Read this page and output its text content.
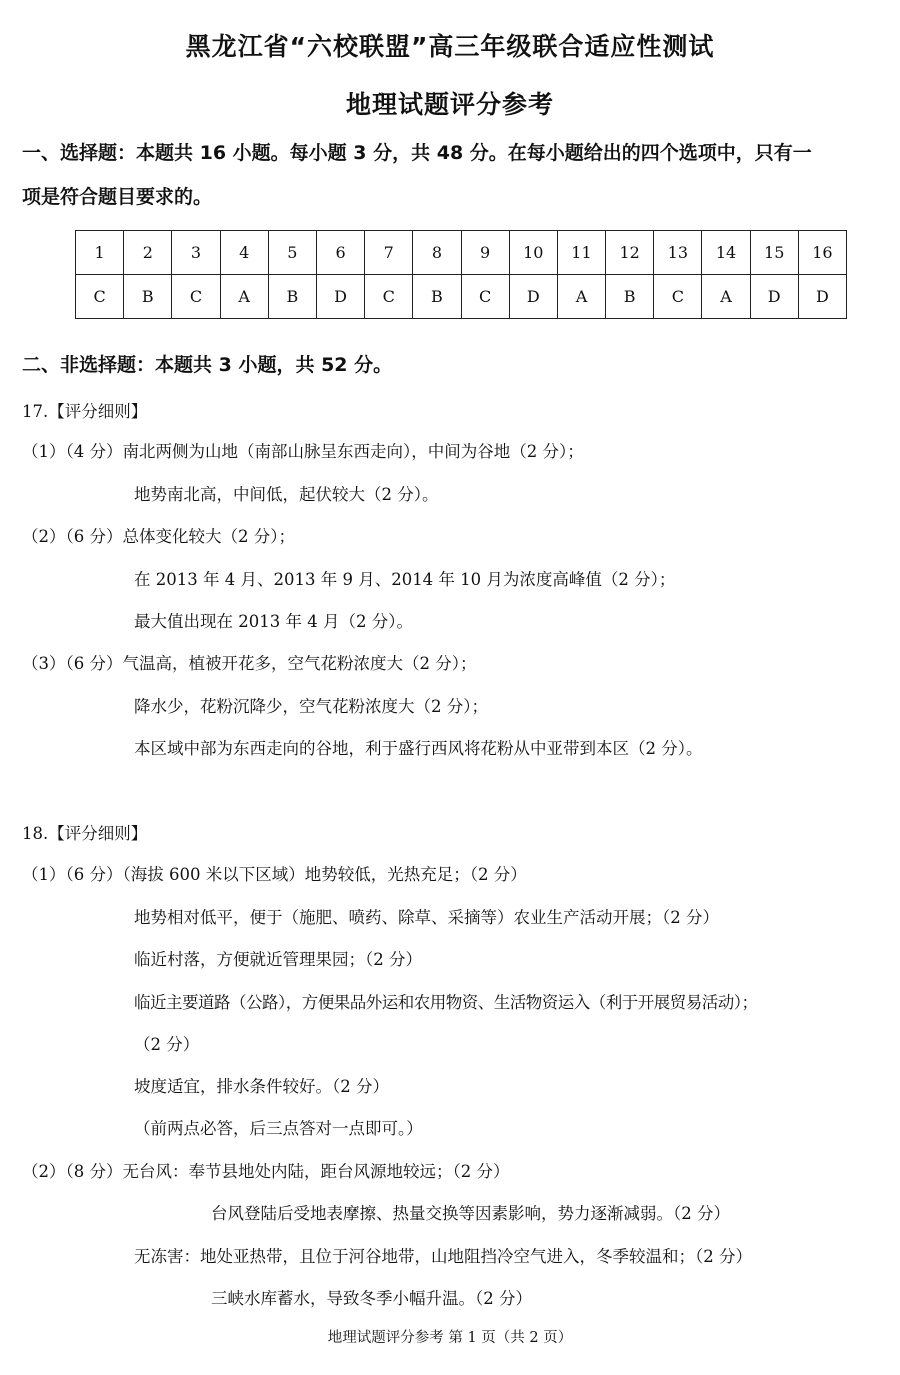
黑龙江省“六校联盟”高三年级联合适应性测试
地理试题评分参考
一、选择题：本题共 16 小题。每小题 3 分，共 48 分。在每小题给出的四个选项中，只有一
项是符合题目要求的。
1	2	3	4	5	6	7	8	9	10	11	12	13	14	15	16
C	B	C	A	B	D	C	B	C	D	A	B	C	A	D	D
二、非选择题：本题共 3 小题，共 52 分。
17.【评分细则】
（1）（4 分）南北两侧为山地（南部山脉呈东西走向），中间为谷地（2 分）；
地势南北高，中间低，起伏较大（2 分）。
（2）（6 分）总体变化较大（2 分）；
在 2013 年 4 月、2013 年 9 月、2014 年 10 月为浓度高峰值（2 分）；
最大值出现在 2013 年 4 月（2 分）。
（3）（6 分）气温高，植被开花多，空气花粉浓度大（2 分）；
降水少，花粉沉降少，空气花粉浓度大（2 分）；
本区域中部为东西走向的谷地，利于盛行西风将花粉从中亚带到本区（2 分）。
18.【评分细则】
（1）（6 分）（海拔 600 米以下区域）地势较低，光热充足；（2 分）
地势相对低平，便于（施肥、喷药、除草、采摘等）农业生产活动开展；（2 分）
临近村落，方便就近管理果园；（2 分）
临近主要道路（公路），方便果品外运和农用物资、生活物资运入（利于开展贸易活动）；
（2 分）
坡度适宜，排水条件较好。（2 分）
（前两点必答，后三点答对一点即可。）
（2）（8 分）无台风：奉节县地处内陆，距台风源地较远；（2 分）
台风登陆后受地表摩擦、热量交换等因素影响，势力逐渐减弱。（2 分）
无冻害：地处亚热带，且位于河谷地带，山地阻挡冷空气进入，冬季较温和；（2 分）
三峡水库蓄水，导致冬季小幅升温。（2 分）
地理试题评分参考 第 1 页（共 2 页）
